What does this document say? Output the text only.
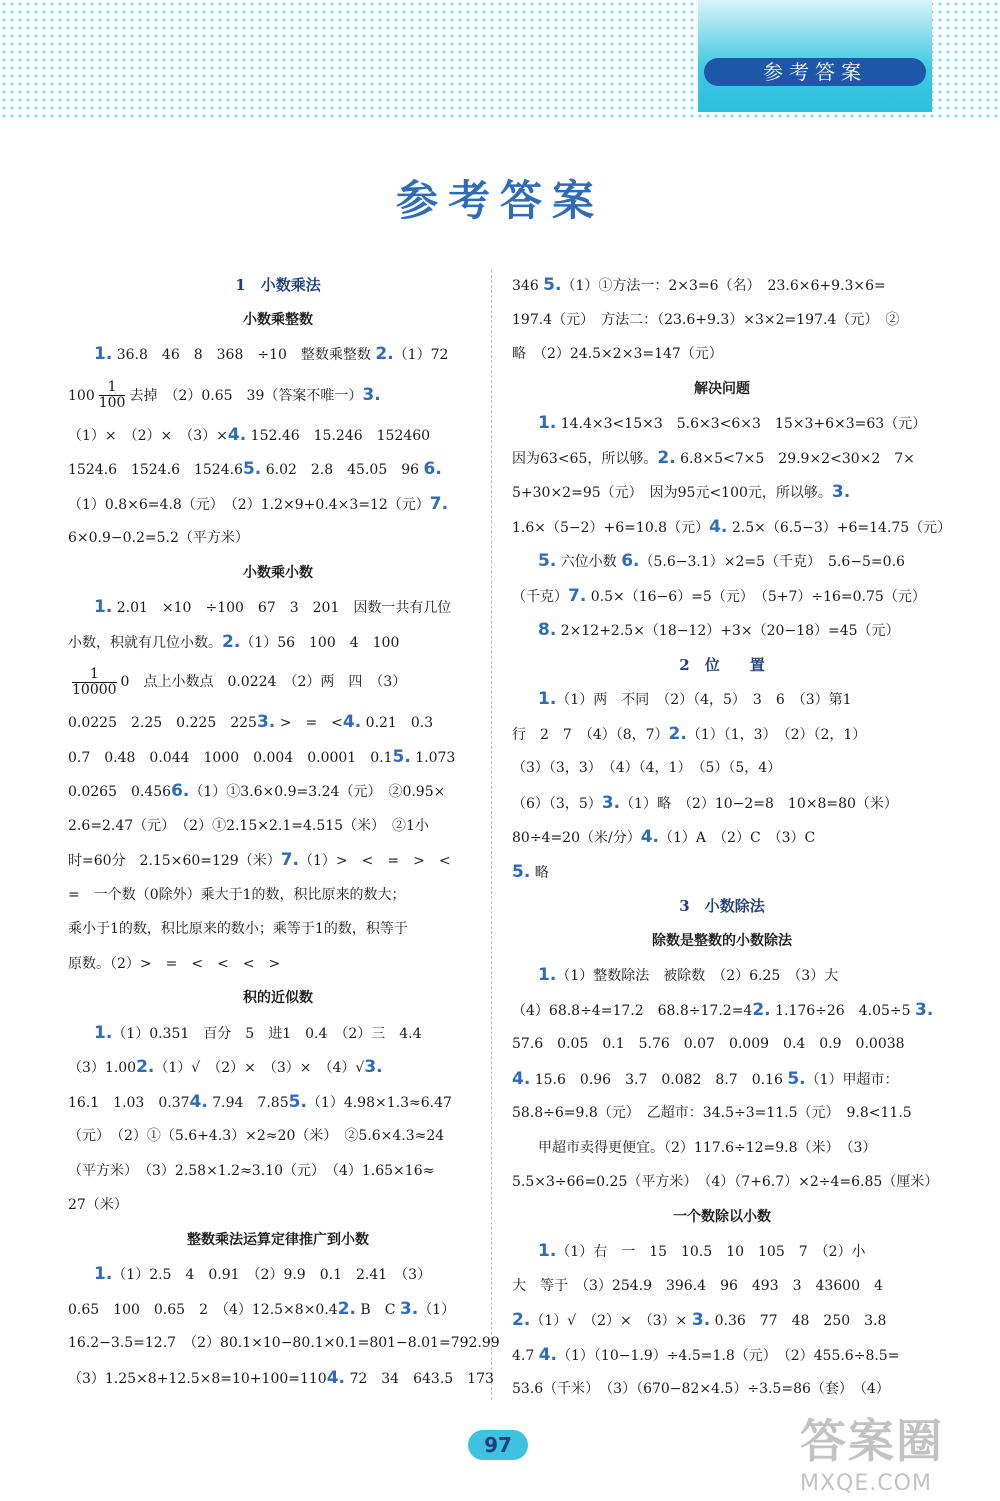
参考答案
参考答案
1　小数乘法
小数乘整数
1. 36.8　46　8　368　÷10　整数乘整数 2.（1）72
$100 \frac{1}{100}$ 去掉　（2）0.65　39（答案不唯一）3.
（1）×　（2）×　（3）×4. 152.46　15.246　152460
1524.6　1524.6　1524.65. 6.02　2.8　45.05　96 6.
（1）0.8×6=4.8（元）　（2）1.2×9+0.4×3=12（元）7.
6×0.9−0.2=5.2（平方米）
小数乘小数
1. 2.01　×10　÷100　67　3　201　因数一共有几位
小数，积就有几位小数。2.（1）56　100　4　100
$\frac{1}{10000} 0$　点上小数点　0.0224　（2）两　四　（3）
0.0225　2.25　0.225　2253. >　=　<4. 0.21　0.3
0.7　0.48　0.044　1000　0.004　0.0001　0.15. 1.073
0.0265　0.4566.（1）①3.6×0.9=3.24（元）　②0.95×
2.6=2.47（元）　（2）①2.15×2.1=4.515（米）　②1小
时=60分　2.15×60=129（米）7.（1）>　<　=　>　<
=　一个数（0除外）乘大于1的数，积比原来的数大；
乘小于1的数，积比原来的数小；乘等于1的数，积等于
原数。（2）>　=　<　<　<　>
积的近似数
1.（1）0.351　百分　5　进1　0.4　（2）三　4.4
（3）1.002.（1）√　（2）×　（3）×　（4）√3.
16.1　1.03　0.374. 7.94　7.855.（1）4.98×1.3≈6.47
（元）　（2）①（5.6+4.3）×2≈20（米）　②5.6×4.3≈24
（平方米）　（3）2.58×1.2≈3.10（元）　（4）1.65×16≈
27（米）
整数乘法运算定律推广到小数
1.（1）2.5　4　0.91　（2）9.9　0.1　2.41　（3）
0.65　100　0.65　2　（4）12.5×8×0.42. B　C 3.（1）
16.2−3.5=12.7　（2）80.1×10−80.1×0.1=801−8.01=792.99
（3）1.25×8+12.5×8=10+100=1104. 72　34　643.5　173
346 5.（1）①方法一：2×3=6（名）　23.6×6+9.3×6=
197.4（元）　方法二：（23.6+9.3）×3×2=197.4（元）　②
略　（2）24.5×2×3=147（元）
解决问题
1. 14.4×3<15×3　5.6×3<6×3　15×3+6×3=63（元）
因为63<65，所以够。2. 6.8×5<7×5　29.9×2<30×2　7×
5+30×2=95（元）　因为95元<100元，所以够。3.
1.6×（5−2）+6=10.8（元）4. 2.5×（6.5−3）+6=14.75（元）
5. 六位小数 6.（5.6−3.1）×2=5（千克）　5.6−5=0.6
（千克）7. 0.5×（16−6）=5（元）　（5+7）÷16=0.75（元）
8. 2×12+2.5×（18−12）+3×（20−18）=45（元）
2　位　　置
1.（1）两　不同　（2）（4，5）　3　6　（3）第1
行　2　7　（4）（8，7）2.（1）（1，3）　（2）（2，1）
（3）（3，3）　（4）（4，1）　（5）（5，4）
（6）（3，5）3.（1）略　（2）10−2=8　10×8=80（米）
80÷4=20（米/分）4.（1）A　（2）C　（3）C
5. 略
3　小数除法
除数是整数的小数除法
1.（1）整数除法　被除数　（2）6.25　（3）大
（4）68.8÷4=17.2　68.8÷17.2=42. 1.176÷26　4.05÷5 3.
57.6　0.05　0.1　5.76　0.07　0.009　0.4　0.9　0.0038
4. 15.6　0.96　3.7　0.082　8.7　0.16 5.（1）甲超市：
58.8÷6=9.8（元）　乙超市：34.5÷3=11.5（元）　9.8<11.5
甲超市卖得更便宜。（2）117.6÷12=9.8（米）　（3）
5.5×3÷66=0.25（平方米）　（4）（7+6.7）×2÷4=6.85（厘米）
一个数除以小数
1.（1）右　一　15　10.5　10　105　7　（2）小
大　等于　（3）254.9　396.4　96　493　3　43600　4
2.（1）√　（2）×　（3）× 3. 0.36　77　48　250　3.8
4.7 4.（1）（10−1.9）÷4.5=1.8（元）　（2）455.6÷8.5=
53.6（千米）　（3）（670−82×4.5）÷3.5=86（套）　（4）
97	答案圈
MXQE.COM
